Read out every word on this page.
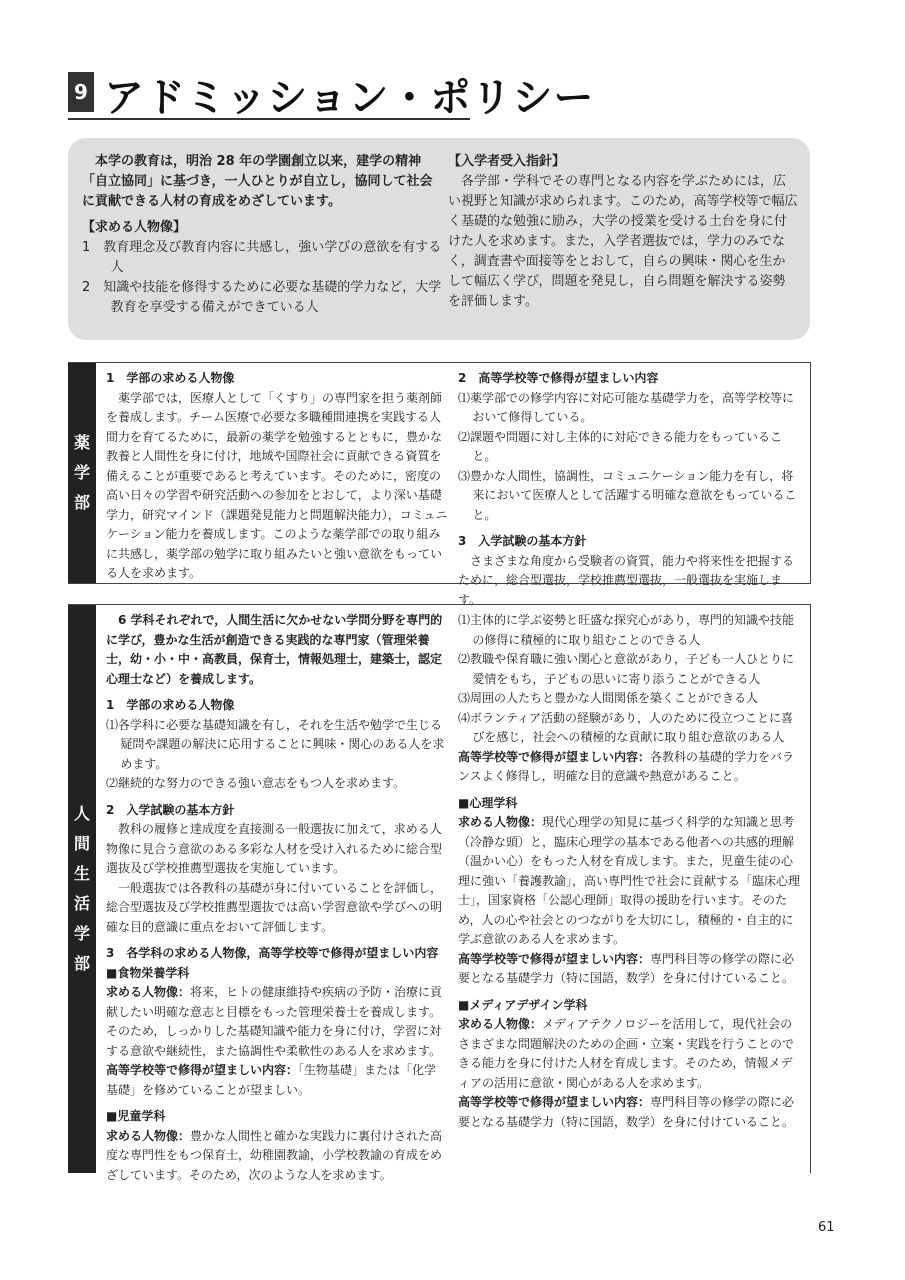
9 アドミッション・ポリシー

本学の教育は，明治 28 年の学園創立以来，建学の精神「自立協同」に基づき，一人ひとりが自立し，協同して社会に貢献できる人材の育成をめざしています。

【求める人物像】

1　教育理念及び教育内容に共感し，強い学びの意欲を有する人

2　知識や技能を修得するために必要な基礎的学力など，大学教育を享受する備えができている人

【入学者受入指針】

各学部・学科でその専門となる内容を学ぶためには，広い視野と知識が求められます。このため，高等学校等で幅広く基礎的な勉強に励み，大学の授業を受ける土台を身に付けた人を求めます。また，入学者選抜では，学力のみでなく，調査書や面接等をとおして，自らの興味・関心を生かして幅広く学び，問題を発見し，自ら問題を解決する姿勢を評価します。

薬
学
部
1　学部の求める人物像

薬学部では，医療人として「くすり」の専門家を担う薬剤師を養成します。チーム医療で必要な多職種間連携を実践する人間力を育てるために，最新の薬学を勉強するとともに，豊かな教養と人間性を身に付け，地域や国際社会に貢献できる資質を備えることが重要であると考えています。そのために，密度の高い日々の学習や研究活動への参加をとおして，より深い基礎学力，研究マインド（課題発見能力と問題解決能力），コミュニケーション能力を養成します。このような薬学部での取り組みに共感し，薬学部の勉学に取り組みたいと強い意欲をもっている人を求めます。

2　高等学校等で修得が望ましい内容

⑴薬学部での修学内容に対応可能な基礎学力を，高等学校等において修得している。

⑵課題や問題に対し主体的に対応できる能力をもっていること。

⑶豊かな人間性，協調性，コミュニケーション能力を有し，将来において医療人として活躍する明確な意欲をもっていること。

3　入学試験の基本方針

さまざまな角度から受験者の資質，能力や将来性を把握するために，総合型選抜，学校推薦型選抜，一般選抜を実施します。

人
間
生
活
学
部

6 学科それぞれで，人間生活に欠かせない学問分野を専門的に学び，豊かな生活が創造できる実践的な専門家（管理栄養士，幼・小・中・高教員，保育士，情報処理士，建築士，認定心理士など）を養成します。

1　学部の求める人物像

⑴各学科に必要な基礎知識を有し，それを生活や勉学で生じる疑問や課題の解決に応用することに興味・関心のある人を求めます。

⑵継続的な努力のできる強い意志をもつ人を求めます。

2　入学試験の基本方針

教科の履修と達成度を直接測る一般選抜に加えて，求める人物像に見合う意欲のある多彩な人材を受け入れるために総合型選抜及び学校推薦型選抜を実施しています。

一般選抜では各教科の基礎が身に付いていることを評価し，総合型選抜及び学校推薦型選抜では高い学習意欲や学びへの明確な目的意識に重点をおいて評価します。

3　各学科の求める人物像，高等学校等で修得が望ましい内容

■食物栄養学科

求める人物像：将来，ヒトの健康維持や疾病の予防・治療に貢献したい明確な意志と目標をもった管理栄養士を養成します。そのため，しっかりした基礎知識や能力を身に付け，学習に対する意欲や継続性，また協調性や柔軟性のある人を求めます。

高等学校等で修得が望ましい内容：「生物基礎」または「化学基礎」を修めていることが望ましい。

■児童学科

求める人物像：豊かな人間性と確かな実践力に裏付けされた高度な専門性をもつ保育士，幼稚園教諭，小学校教諭の育成をめざしています。そのため，次のような人を求めます。

⑴主体的に学ぶ姿勢と旺盛な探究心があり，専門的知識や技能の修得に積極的に取り組むことのできる人

⑵教職や保育職に強い関心と意欲があり，子ども一人ひとりに愛情をもち，子どもの思いに寄り添うことができる人

⑶周囲の人たちと豊かな人間関係を築くことができる人

⑷ボランティア活動の経験があり，人のために役立つことに喜びを感じ，社会への積極的な貢献に取り組む意欲のある人

高等学校等で修得が望ましい内容：各教科の基礎的学力をバランスよく修得し，明確な目的意識や熱意があること。

■心理学科

求める人物像：現代心理学の知見に基づく科学的な知識と思考（冷静な頭）と，臨床心理学の基本である他者への共感的理解（温かい心）をもった人材を育成します。また，児童生徒の心理に強い「養護教諭」，高い専門性で社会に貢献する「臨床心理士」，国家資格「公認心理師」取得の援助を行います。そのため，人の心や社会とのつながりを大切にし，積極的・自主的に学ぶ意欲のある人を求めます。

高等学校等で修得が望ましい内容：専門科目等の修学の際に必要となる基礎学力（特に国語，数学）を身に付けていること。

■メディアデザイン学科

求める人物像：メディアテクノロジーを活用して，現代社会のさまざまな問題解決のための企画・立案・実践を行うことのできる能力を身に付けた人材を育成します。そのため，情報メディアの活用に意欲・関心がある人を求めます。

高等学校等で修得が望ましい内容：専門科目等の修学の際に必要となる基礎学力（特に国語，数学）を身に付けていること。

61
